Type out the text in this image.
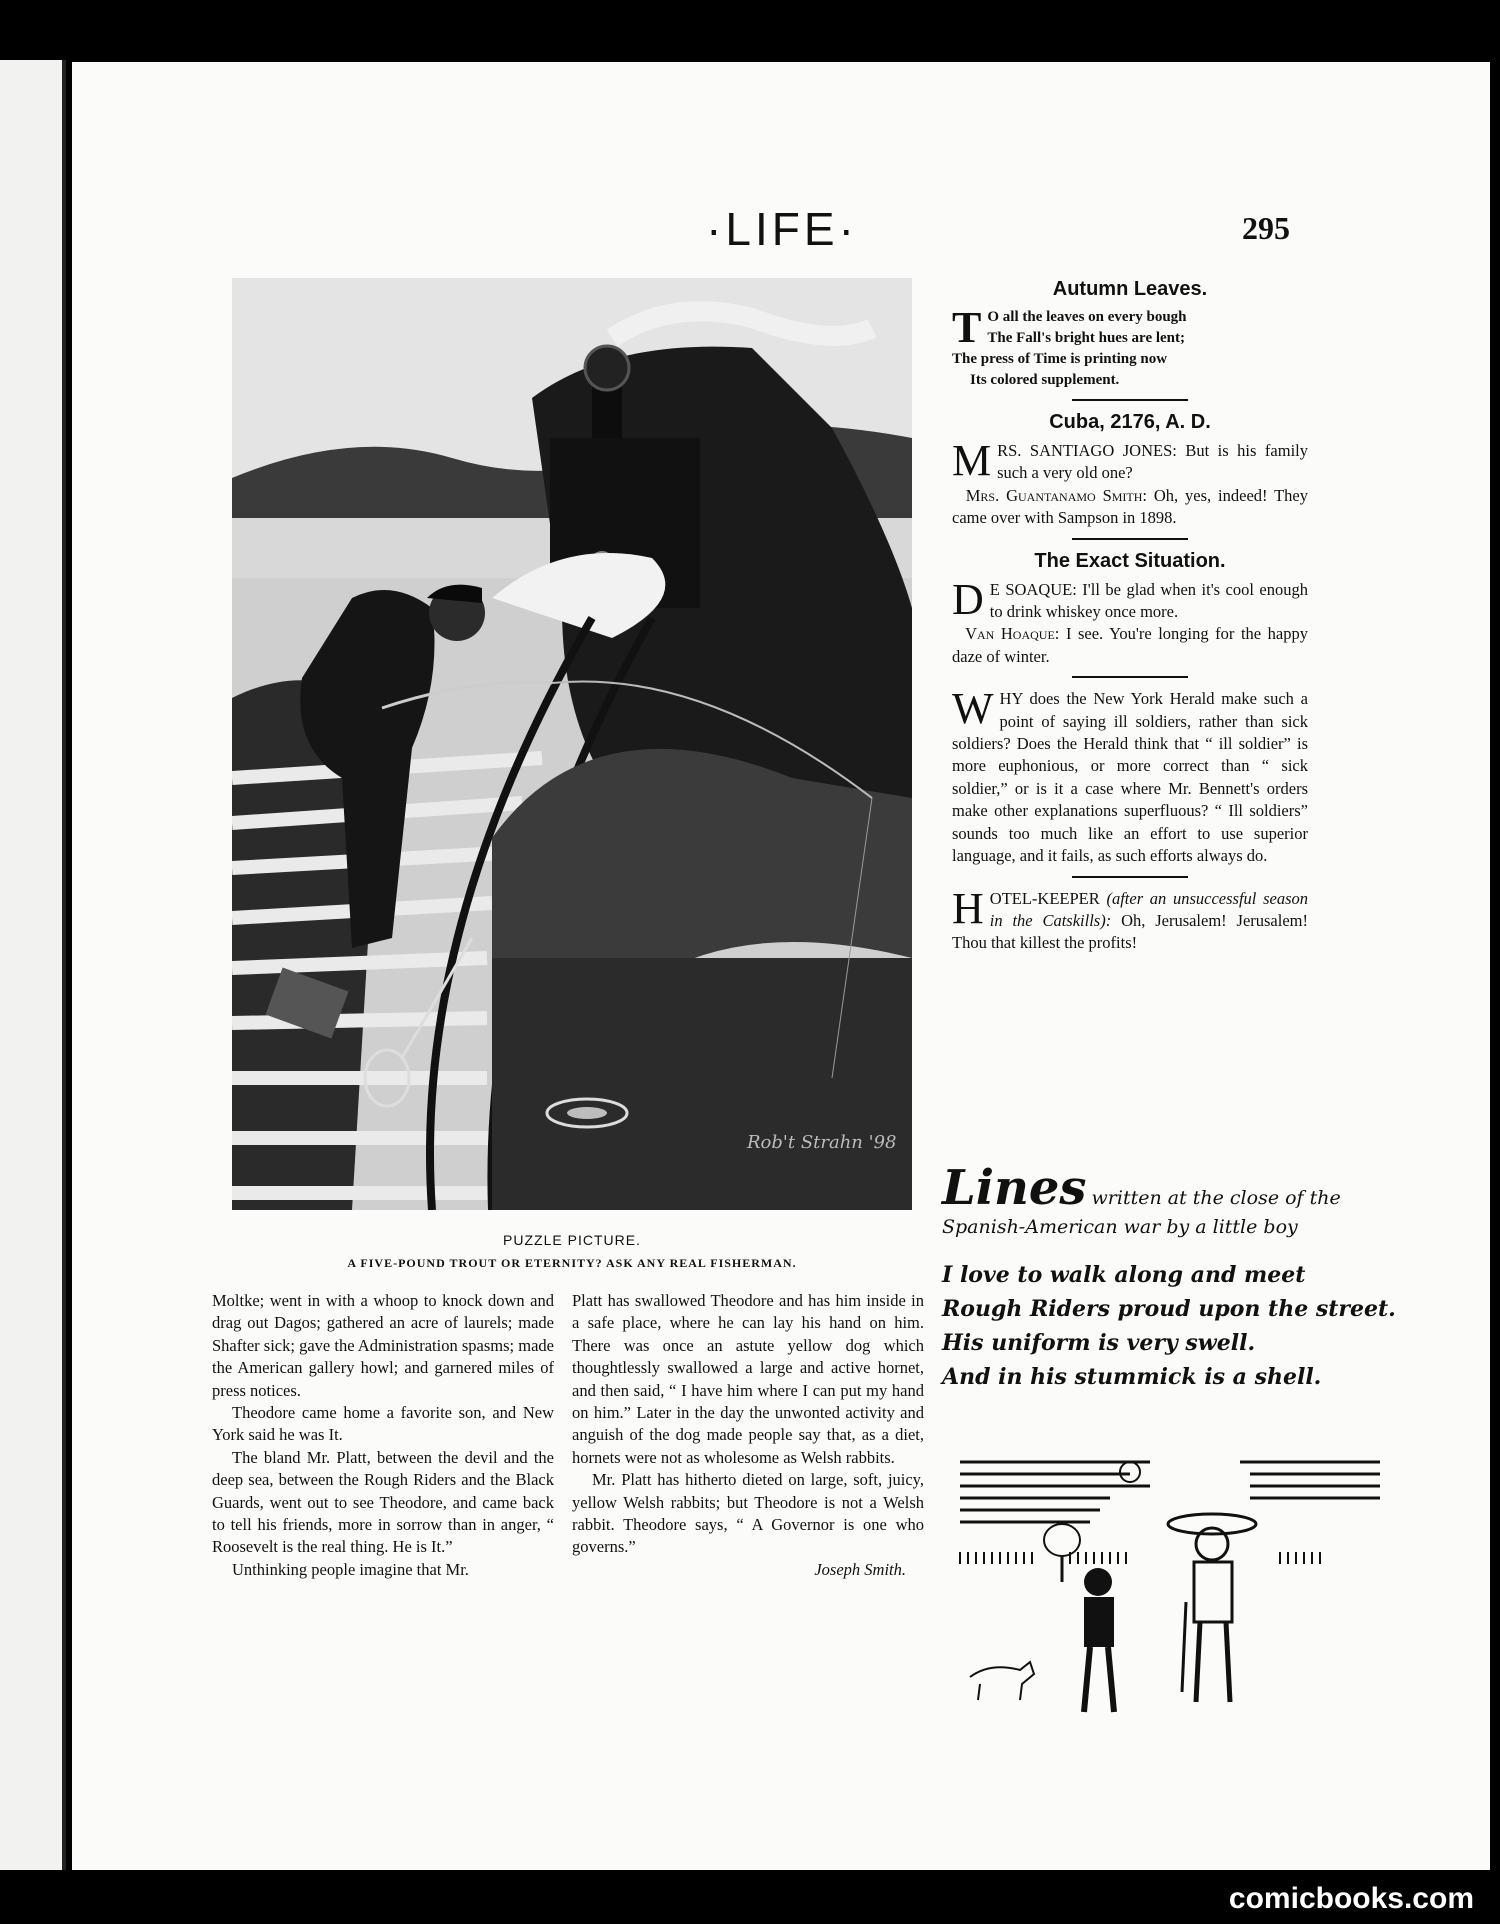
·LIFE·	295
Rob't Strahn '98
PUZZLE PICTURE.
A FIVE-POUND TROUT OR ETERNITY? ASK ANY REAL FISHERMAN.

Moltke; went in with a whoop to knock down and drag out Dagos; gathered an acre of laurels; made Shafter sick; gave the Administration spasms; made the American gallery howl; and garnered miles of press notices.

Theodore came home a favorite son, and New York said he was It.

The bland Mr. Platt, between the devil and the deep sea, between the Rough Riders and the Black Guards, went out to see Theodore, and came back to tell his friends, more in sorrow than in anger, “ Roosevelt is the real thing. He is It.”

Unthinking people imagine that Mr.

Platt has swallowed Theodore and has him inside in a safe place, where he can lay his hand on him. There was once an astute yellow dog which thoughtlessly swallowed a large and active hornet, and then said, “ I have him where I can put my hand on him.” Later in the day the unwonted activity and anguish of the dog made people say that, as a diet, hornets were not as wholesome as Welsh rabbits.

Mr. Platt has hitherto dieted on large, soft, juicy, yellow Welsh rabbits; but Theodore is not a Welsh rabbit. Theodore says, “ A Governor is one who governs.”

Joseph Smith.

Autumn Leaves.
T O all the leaves on every bough
The Fall's bright hues are lent;
The press of Time is printing now
Its colored supplement.
Cuba, 2176, A. D.

MRS. SANTIAGO JONES: But is his family such a very old one?
Mrs. Guantanamo Smith: Oh, yes, indeed! They came over with Sampson in 1898.

The Exact Situation.

D E SOAQUE: I'll be glad when it's cool enough to drink whiskey once more.
Van Hoaque: I see. You're longing for the happy daze of winter.

WHY does the New York Herald make such a point of saying ill soldiers, rather than sick soldiers? Does the Herald think that “ ill soldier” is more euphonious, or more correct than “ sick soldier,” or is it a case where Mr. Bennett's orders make other explanations superfluous? “ Ill soldiers” sounds too much like an effort to use superior language, and it fails, as such efforts always do.

HOTEL-KEEPER (after an unsuccessful season in the Catskills): Oh, Jerusalem! Jerusalem! Thou that killest the profits!

Lines written at the close of the Spanish-American war by a little boy
I love to walk along and meet
Rough Riders proud upon the street.
His uniform is very swell.
And in his stummick is a shell.
comicbooks.com
